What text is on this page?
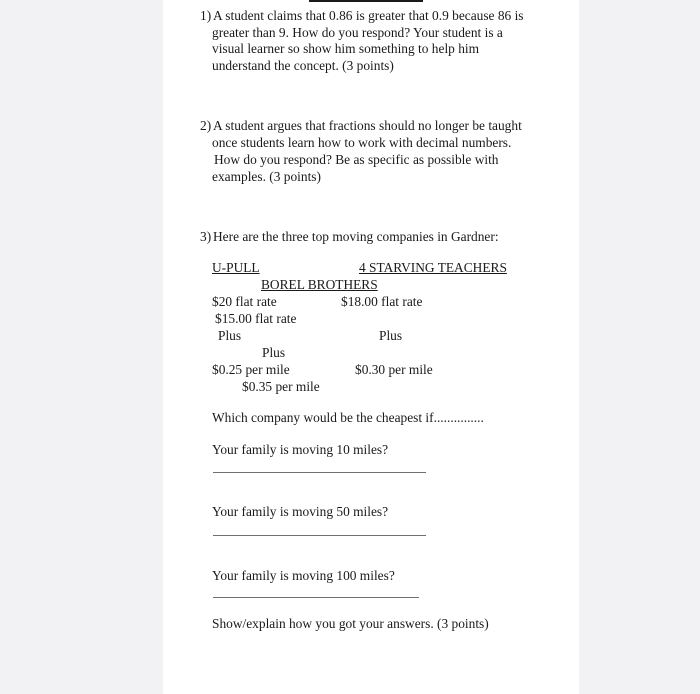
1) A student claims that 0.86 is greater that 0.9 because 86 is
greater than 9. How do you respond? Your student is a
visual learner so show him something to help him
understand the concept. (3 points)
2) A student argues that fractions should no longer be taught
once students learn how to work with decimal numbers.
How do you respond? Be as specific as possible with
examples. (3 points)
3) Here are the three top moving companies in Gardner:
U-PULL	4 STARVING TEACHERS
BOREL BROTHERS
$20 flat rate	$18.00 flat rate
$15.00 flat rate
Plus	Plus
Plus
$0.25 per mile	$0.30 per mile
$0.35 per mile
Which company would be the cheapest if...............
Your family is moving 10 miles?
Your family is moving 50 miles?
Your family is moving 100 miles?
Show/explain how you got your answers. (3 points)
